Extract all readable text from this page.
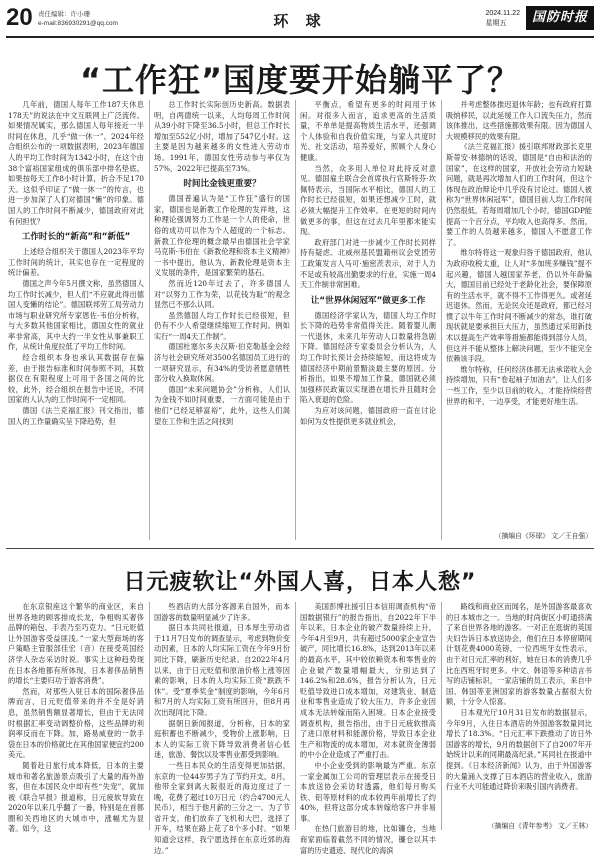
20 责任编辑：许小珊
e-mail:836930291@qq.com	环 球	2024.11.22
星期五	国防时报
“工作狂”国度要开始躺平了？

几年前，德国人每年工作187天休息178天”的说法在中文互联网上广泛流传。如果情况属实，那么德国人每年接近一半时间在休息，几乎“做一休一”。2024年经合组织公布的一项数据表明，2023年德国人的平均工作时间为1342小时，在这个由38个富裕国家组成的俱乐部中排名垫底。如果按每天工作8小时计算，折合不足170天。这似乎印证了“做一休一”的传言，也进一步加深了人们对德国“懒”的印象。德国人的工作时间不断减少，德国政府对此有何担忧？

工作时长的“新高”和“新低”

上述经合组织关于德国人2023年平均工作时间的统计，其实也存在一定程度的统计偏差。

德国之声今年5月撰文称，虽然德国人均工作时长减少，但人们“不应就此得出德国人变懒的结论”。德国联邦劳工局劳动力市场与职业研究所专家恩佐·韦伯分析称，与大多数其他国家相比，德国女性的就业率非常高，其中大约一半女性从事兼职工作，从统计角度拉低了平均工作时间。

经合组织本身也承认其数据存在偏差，由于报告标准和时间参照不同，其数据仅在有限程度上可用于各国之间的比较，此外，经合组织在报告中还说，不同国家的人认为的工作时间不一定相同。

德国《法兰克福汇报》刊文指出，德国人的工作量确实呈下降趋势，但

总工作时长实际创历史新高。数据表明，自两德统一以来，人均每周工作时间从39小时下降至36.5小时，但总工作时长增加至552亿小时，增加了547亿小时。这主要是因为越来越多的女性进入劳动市场。1991年，德国女性劳动参与率仅为57%，2022年已提高至73%。

时间比金钱更重要？

德国普遍认为是“工作狂”盛行的国家，德国也是新教工作伦理的发祥地，这种理论强调努力工作是一个人的使命，世俗的成功可以作为个人超度的一个标志。新教工作伦理的概念最早由德国社会学家马克斯·韦伯在《新教伦理和资本主义精神》一书中提出，他认为，新教伦理是资本主义发展的条件，是国家繁荣的基石。

然而近120年过去了，许多德国人对“以努力工作为荣，以花钱为耻”的观念显然已不那么认同。

虽然德国人均工作时长已经很短，但仍有不少人希望继续缩短工作时间。例如实行“一周4天工作制”。

德国杜塞尔多夫汉斯·伯克勒基金会经济与社会研究所对3500名德国员工进行的一项研究显示，有34%的受访者愿意牺牲部分收入换取休闲。

德国“未来问题协会”分析称，人们认为金钱不如时间重要，一方面可能是由于他们“已经足够富裕”，此外，这些人们渴望在工作和生活之间找到

平衡点，希望有更多的时间用于休闲。对很多人而言，追求更高的生活质量，不单单是提高物质生活水平，还强调个人体验和自我价值实现，与家人共度时光、社交活动，培养爱好，照顾个人身心健康。

当然，众多用人单位对此持反对意见。德国雇主联合会首席执行官斯特芬·坎佩特表示，当国际水平相比，德国人的工作时长已经很短，如果还想减少工时，就必须大幅提升工作效率。在更短的时间内做更多的事，但这在过去几年里都未能实现。

政府部门对进一步减少工作时长同样持有疑虑。北威州基民盟籍州议会党团劳工政策发言人马可·施密茨表示，对于人力不足或有较高出勤要求的行业，实施一周4天工作制非常困难。

让“世界休闲冠军”做更多工作

德国经济学家认为，德国人均工作时长下降的趋势非常值得关注。随着婴儿潮一代退休，未来几年劳动人口数量将急剧下降。德国经济专家委员会分析认为，人均工作时长预计会持续缩短，而这将成为德国经济中期前景黯淡最主要的原因。分析指出，如果不增加工作量，德国就必须加强移民政策以实现潜在增长并且随时会陷入衰退的危险。

为应对该问题，德国政府一直在讨论如何为女性提供更多就业机会，

并考虑整体推迟退休年龄；也有政府打算吸纳移民，以此延缓工作人口流失压力，然而该体推出，这些措施都效果有限。因为德国人大规模移民的效果有限。

《法兰克福汇报》援引联邦财政部长克里斯蒂安·林德纳的话说，德国是“自由和法治的国家”，在这样的国家，开放社会劳动力短缺问题，就是再次增加人们的工作时间，但这个体现在政治辩论中几乎没有讨论过。德国人被称为“世界休闲冠军”，德国目前人均工作时间仍然很低，若每周增加几个小时，德国GDP能提高一个百分点，平均收入也高得多。然而，要工作的人员越来越多，德国人不愿意工作了。

维尔特将这一观象归咎于德国政府，他认为政府收税太重，让人对“多加班多赚钱”提不起兴趣，德国人越国家养老，仍以外年龄偏大，德国目前已经处于老龄化社会，要保障原有的生活水平，就不得不工作得更久。或者延迟退休。然而，无论民众还是政府，都已经习惯了以牛年工作时间不断减少的常态，谁打破现状就是要承担巨大压力，虽然通过采用新技术以提高生产效率等措施都能得到部分人员，但这并不能从整体上解决问题，至少不能完全依赖该手段。

维尔特称，任何经济体都无法承诺收入会持续增加，只有“卷起袖子加油去”，让人们多一些工作，至少以目前的收入，才能持续经营世界的和平，一边享受，才能更好地生活。

（摘编自《环球》 文／王自强）
日元疲软让“外国人喜，日本人愁”

在东京银座这个繁华的商业区，来自世界各地的顾客排成长龙，争相购买奢侈品牌的箱包、手表乃至巧克力。“日元贬值让外国游客受益匪浅。”一家大型商场的客户策略主管服部佳宏（音）在接受英国经济学人杂志采访时说。事实上这种趋势现在日本各地都有所体现，日本奢侈品销售的增长“主要归功于游客消费”。

然而，对那些入驻日本的国际奢侈品牌而言，日元贬值带来的并不全是好消息，虽然销售额显著增长，但由于无法同时根据汇率变动调整价格，这些品牌的利润率反而在下降。加，路易威登的一款手袋在日本的价格就比在其他国家便宜约200美元。

随着赴日旅行成本降低，日本的主要城市和著名旅游景点吸引了大量的海外游客，但在本国民众中却有些“失宠”，就加被《联合早报》报道称，日元疲软导致在2020年以来几乎翻了一番，特别是在首都圈和关西地区的大城市中，涨幅尤为显著。如今，这

些酒店的大部分客源来自国外，而本国游客的数量明显减少了许多。

据日本共同社报道，日本厚生劳动省于11月7日发布的调查显示，考虑到物价变动因素，日本的人均实际工资在今年9月份同比下降，刷新历史纪录。自2022年4月以来，由于日元贬值和原油价格上涨等因素的影响，日本的人均实际工资“跌跌不休”。受“夏季奖金”制度的影响，今年6月和7月的人均实际工资有所回升，但8月再次出现同比下降。

据朝日新闻报道，分析称，日本的家庭积蓄也不断减少，受物价上涨影响，日本人的实际工资下降导致消费者信心低迷，旅游、餐饮以及零售业都受到影响。

一些日本民众的生活变得更加拮据，东京的一位44岁男子为了节约开支，8月，他带全家到离大阪很近的海边度过了一晚，花费了超过10万日元（约合4700元人民币），相当于他月薪的三分之一。为了节省开支，他们放弃了飞机和大巴，选择了开车，结果在路上花了8个多小时。“如果知道会这样，我宁愿选择在东京近郊的海边。”

美国彭博社援引日本信用调查机构“帝国数据银行”的报告指出，自2022年下半年以来，日本企业的破产数量持续上升，今年4月至9月，共有超过5000家企业宣告破产，同比增长16.8%，达到2013年以来的最高水平，其中较依赖资本和零售业的企业破产数量增幅最大，分别达到了146.2%和28.6%，报告分析认为，日元贬值导致进口成本增加，对建筑业、制造业和零售业造成了较大压力，许多企业因成本无法转嫁而陷入困境。日本企业接受调查机构，报告指出，由于日元疲软推高了进口原材料和能源价格，导致日本企业生产和物流的成本增加，对本就资金薄弱的中小企业造成了严重打击。

中小企业受到的影响最为严重。东京一家金属加工公司的管理层表示在接受日本放送协会采访时透露，他们每月购买铁、铝等原材料的成本较两年前增长了约40%，但将这部分成本转嫁给客户并非易事。

在热门旅游目的地，比如镰仓，当地商家面临着截然不同的情况，镰仓以其丰富的历史遗迹、现代化的海滨

路线和商业区而闻名，是外国游客最喜欢的日本城市之一。当地的时尚街区小町通挤满了来自世界各地的游客。一对正在逛街的英国夫妇告诉日本放送协会，他们在日本停留期间计划花费4000英镑，一位西班牙女性表示，由于对日元汇率的利好，她在日本的消费几乎比在西班牙时更多。中文、韩语等多种语言书写的店铺标识，一家店铺的员工表示，来自中国、韩国等亚洲国家的游客数量占据很大份额，十分令人惊喜。

日本观光厅10月31日发布的数据显示，今年9月，入住日本酒店的外国游客数量同比增长了18.3%。“日元汇率下跌推动了访日外国游客的增长，9月的数据创下了自2007年开始统计以来的同期最高纪录。”其同社在报道中提到。《日本经济新闻》认为，由于外国游客的大量涌入支撑了日本酒店的营业收入，旅游行业不大可能通过降价来吸引国内消费者。

（摘编自《青年参考》 文／王林）
